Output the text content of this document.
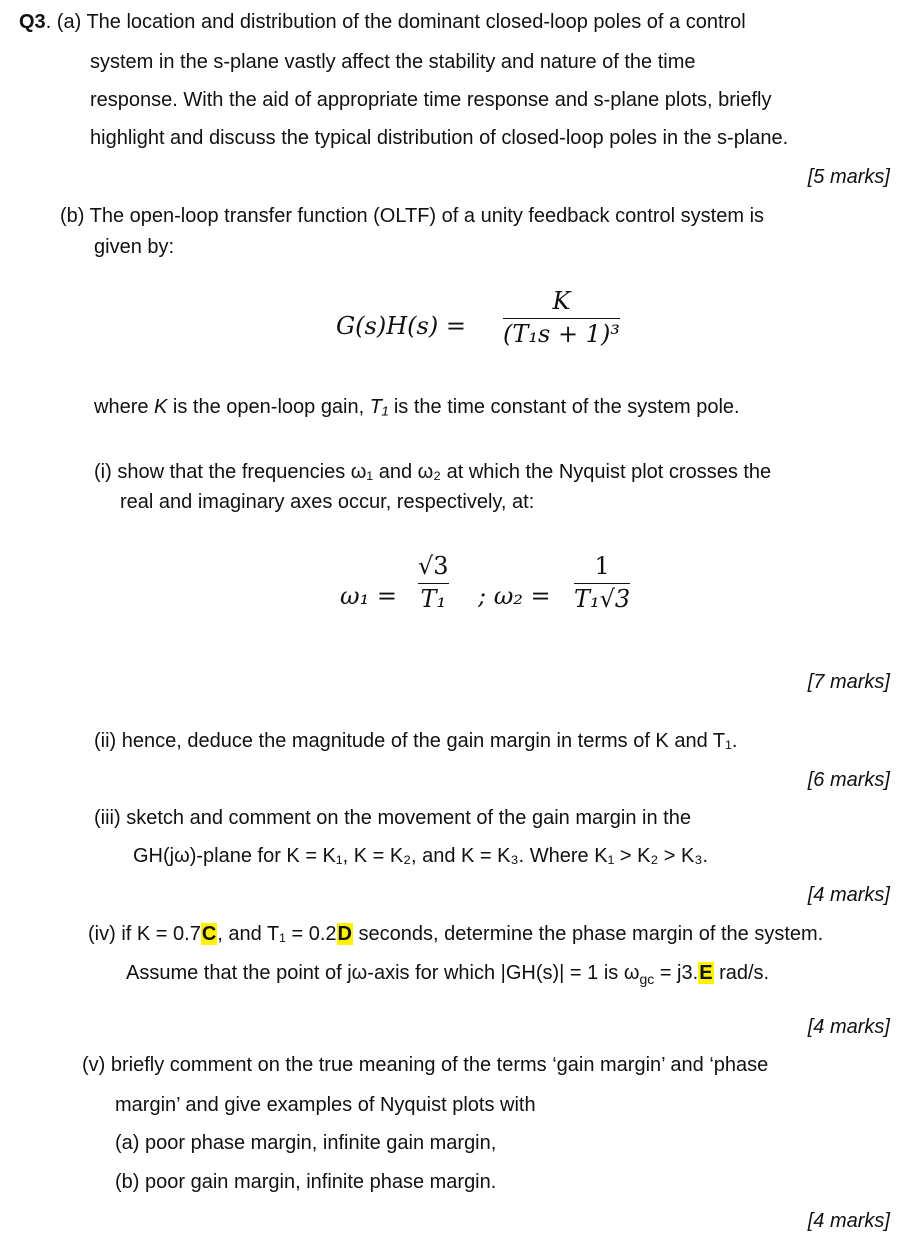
Q3. (a) The location and distribution of the dominant closed-loop poles of a control
system in the s-plane vastly affect the stability and nature of the time
response. With the aid of appropriate time response and s-plane plots, briefly
highlight and discuss the typical distribution of closed-loop poles in the s-plane.
[5 marks]
(b) The open-loop transfer function (OLTF) of a unity feedback control system is
given by:
G(s)H(s) =
K
(T₁s + 1)³
where K is the open-loop gain, T₁ is the time constant of the system pole.
(i) show that the frequencies ω₁ and ω₂ at which the Nyquist plot crosses the
real and imaginary axes occur, respectively, at:
ω₁ =
√3
T₁ ; ω₂ =
1
T₁√3
[7 marks]
(ii) hence, deduce the magnitude of the gain margin in terms of K and T₁.
[6 marks]
(iii) sketch and comment on the movement of the gain margin in the
GH(jω)-plane for K = K₁, K = K₂, and K = K₃. Where K₁ > K₂ > K₃.
[4 marks]
(iv) if K = 0.7C, and T₁ = 0.2D seconds, determine the phase margin of the system.
Assume that the point of jω-axis for which |GH(s)| = 1 is $\omega_{gc} = j3.E$ rad/s.
[4 marks]
(v) briefly comment on the true meaning of the terms ‘gain margin’ and ‘phase
margin’ and give examples of Nyquist plots with
(a) poor phase margin, infinite gain margin,
(b) poor gain margin, infinite phase margin.
[4 marks]
